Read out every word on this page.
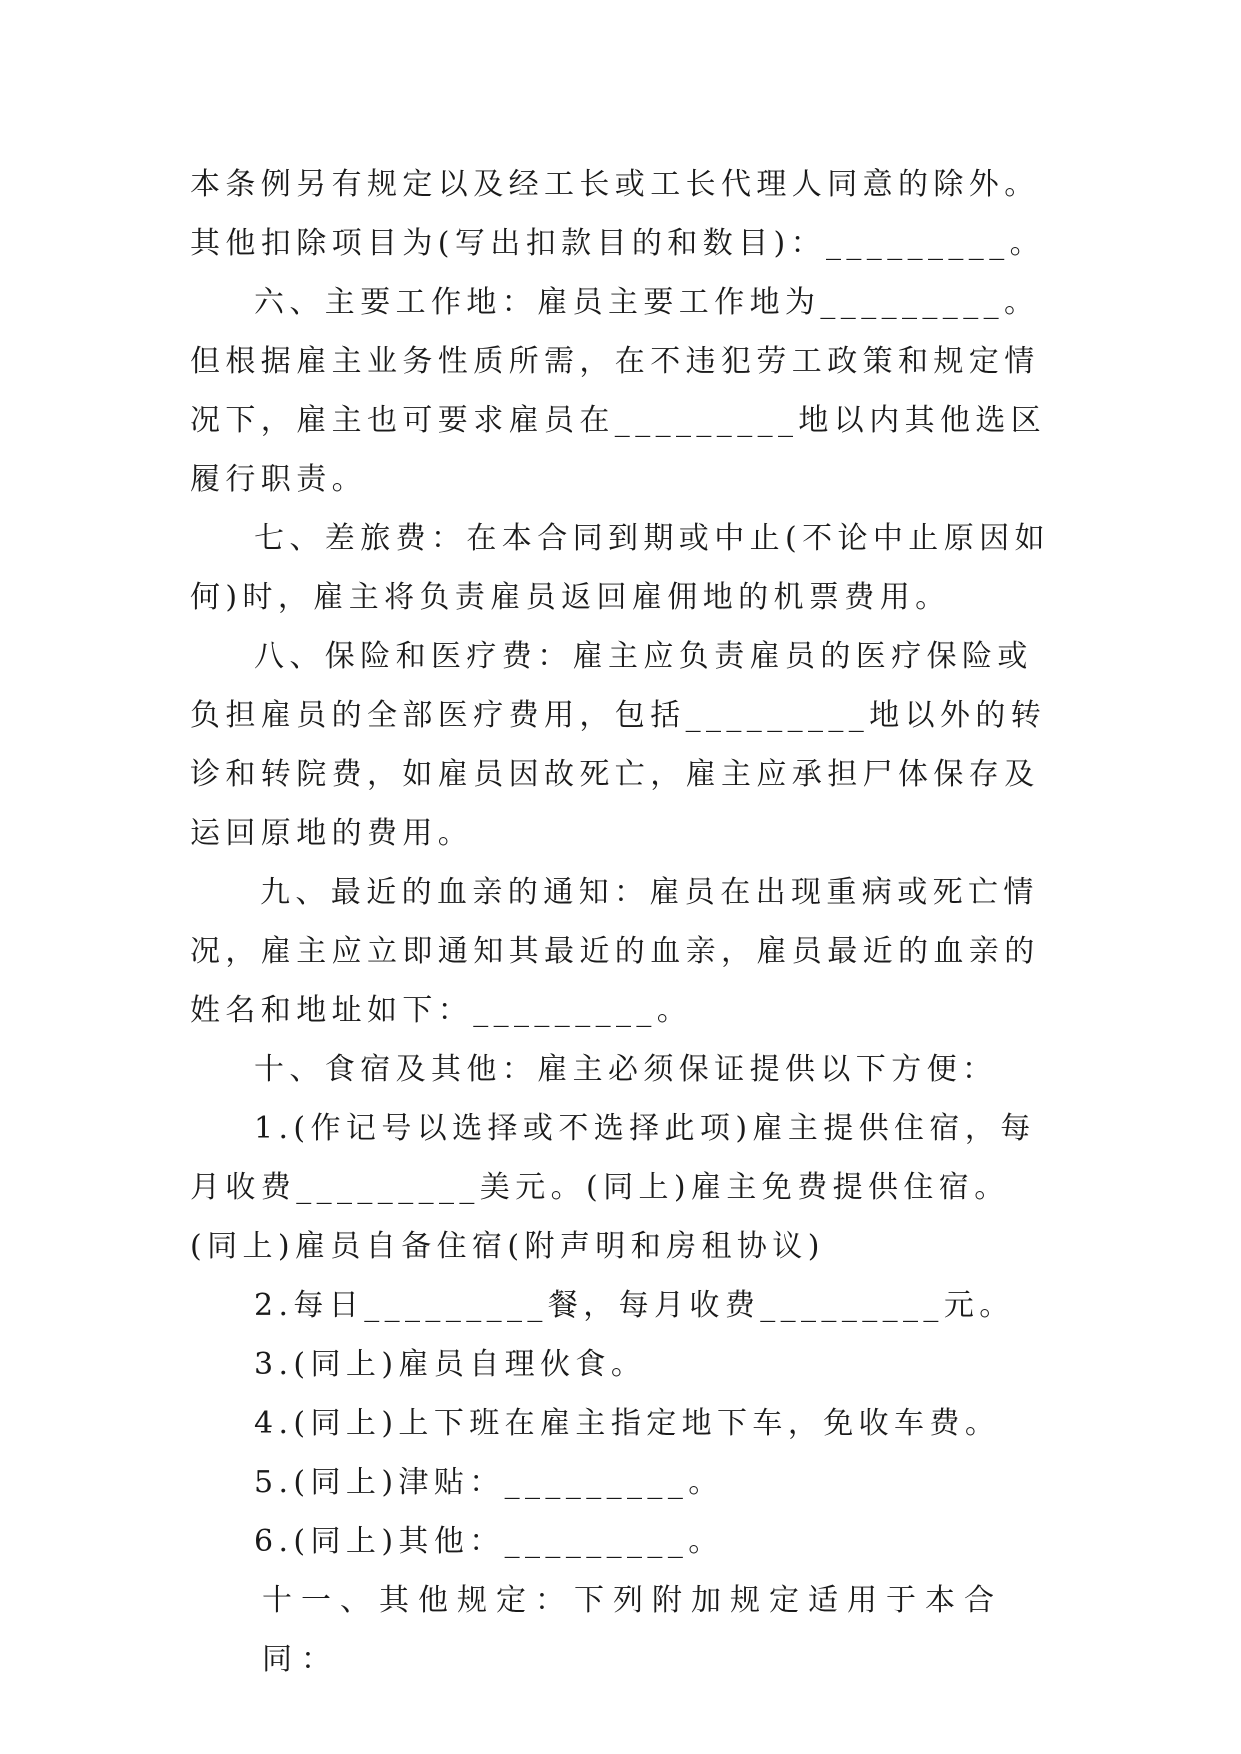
本条例另有规定以及经工长或工长代理人同意的除外。其他扣除项目为(写出扣款目的和数目)：_________。

六、主要工作地：雇员主要工作地为_________。但根据雇主业务性质所需，在不违犯劳工政策和规定情况下，雇主也可要求雇员在_________地以内其他选区履行职责。

七、差旅费：在本合同到期或中止(不论中止原因如何)时，雇主将负责雇员返回雇佣地的机票费用。

八、保险和医疗费：雇主应负责雇员的医疗保险或负担雇员的全部医疗费用，包括_________地以外的转诊和转院费，如雇员因故死亡，雇主应承担尸体保存及运回原地的费用。

九、最近的血亲的通知：雇员在出现重病或死亡情况，雇主应立即通知其最近的血亲，雇员最近的血亲的姓名和地址如下：_________。

十、食宿及其他：雇主必须保证提供以下方便：

1.(作记号以选择或不选择此项)雇主提供住宿，每月收费_________美元。(同上)雇主免费提供住宿。(同上)雇员自备住宿(附声明和房租协议)

2.每日_________餐，每月收费_________元。

3.(同上)雇员自理伙食。

4.(同上)上下班在雇主指定地下车，免收车费。

5.(同上)津贴：_________。

6.(同上)其他：_________。

十一、其他规定：下列附加规定适用于本合同：
